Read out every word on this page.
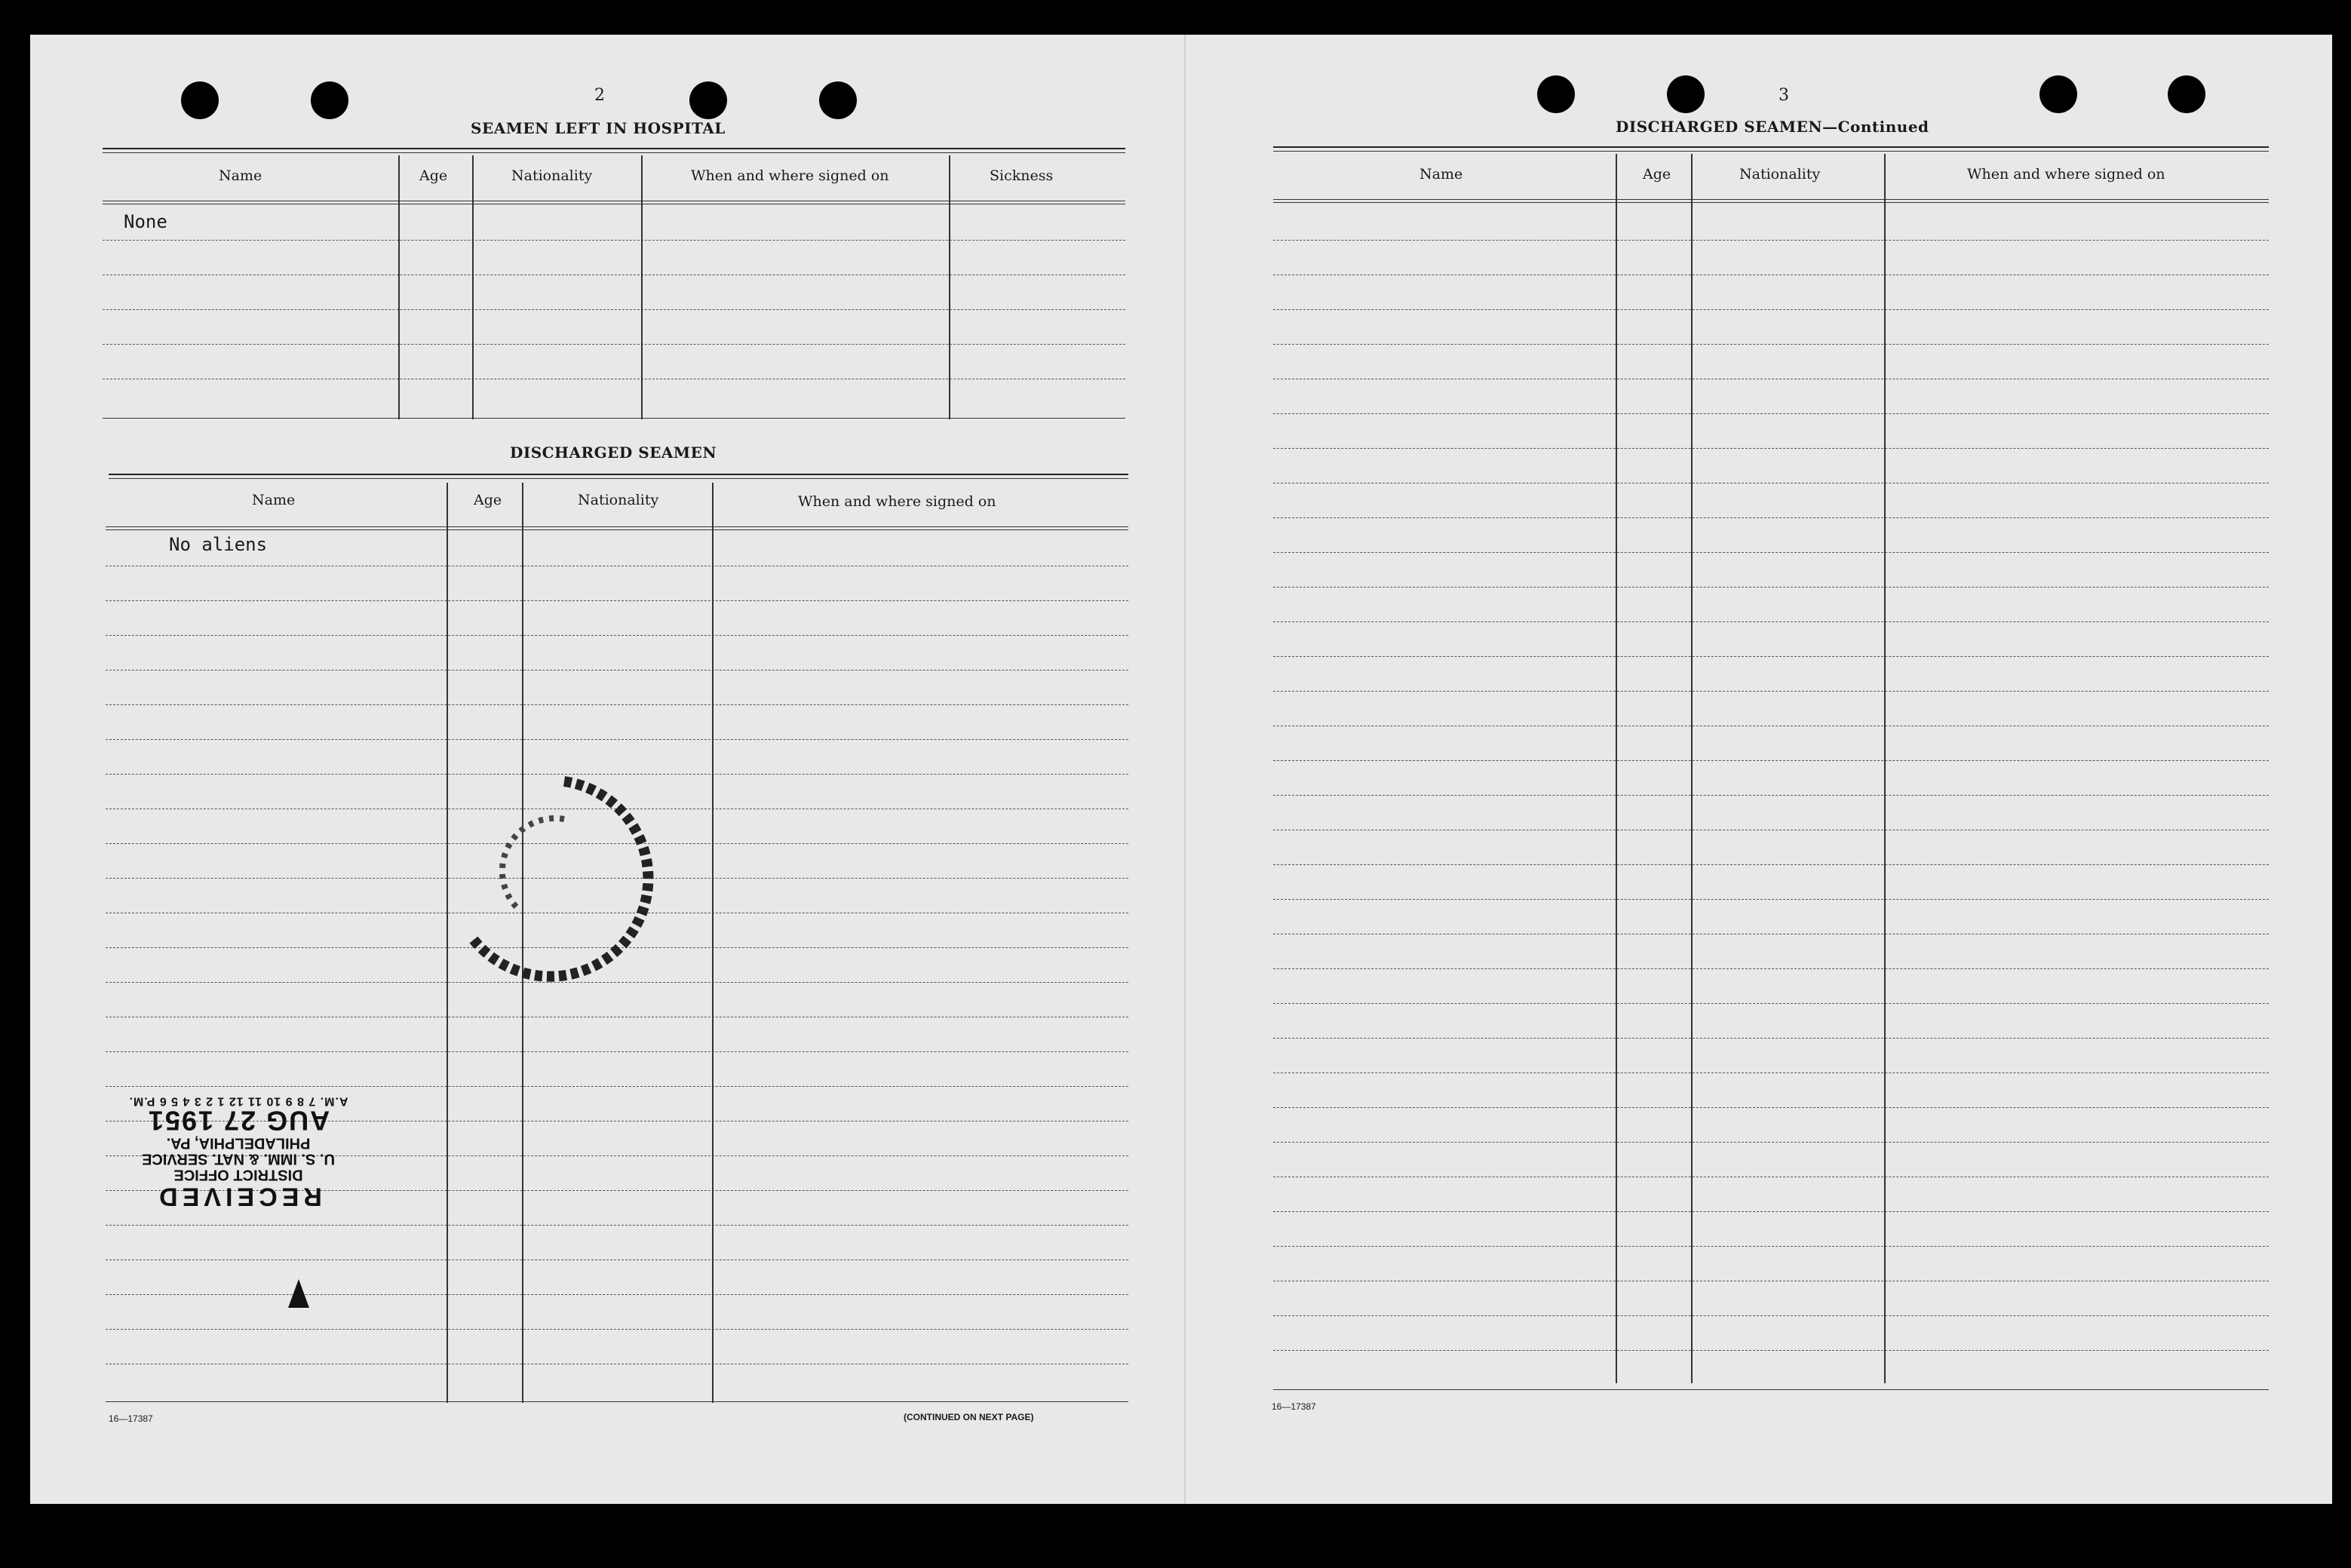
2
SEAMEN LEFT IN HOSPITAL
Name	Age	Nationality	When and where signed on	Sickness
None
DISCHARGED SEAMEN
Name	Age	Nationality	When and where signed on
No aliens
16—17387	(CONTINUED ON NEXT PAGE)
RECEIVED
DISTRICT OFFICE
U. S. IMM. & NAT. SERVICE
PHILADELPHIA, PA.
AUG 27 1951
A.M. 7 8 9 10 11 12 1 2 3 4 5 6 P.M.
3
DISCHARGED SEAMEN—Continued
Name	Age	Nationality	When and where signed on
16—17387
